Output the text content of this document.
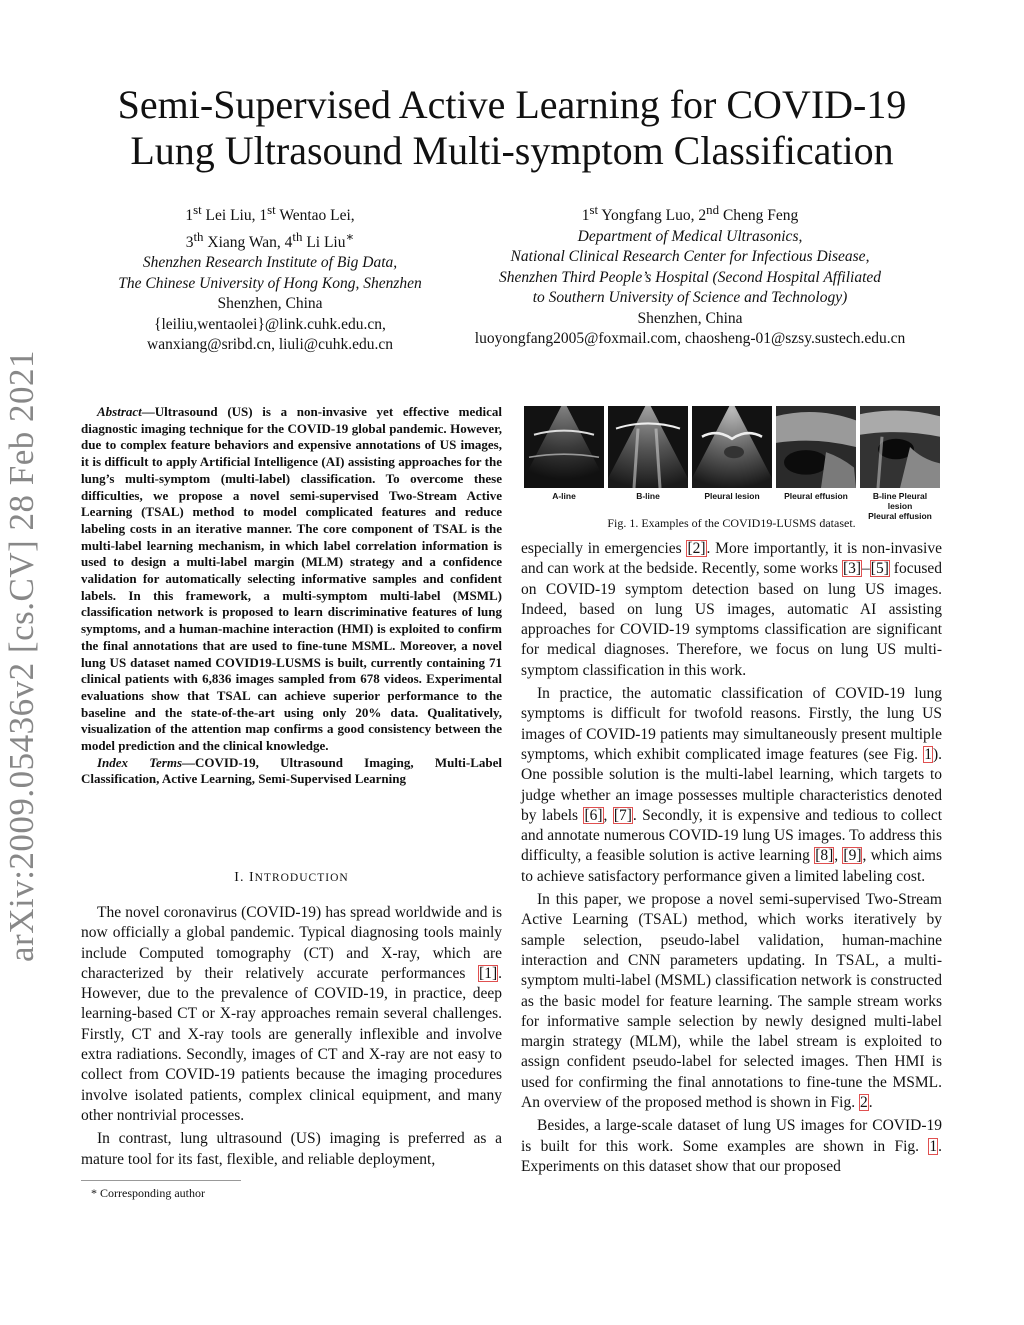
arXiv:2009.05436v2 [cs.CV] 28 Feb 2021
Semi-Supervised Active Learning for COVID-19
Lung Ultrasound Multi-symptom Classification
1st Lei Liu, 1st Wentao Lei,
3th Xiang Wan, 4th Li Liu∗
Shenzhen Research Institute of Big Data,
The Chinese University of Hong Kong, Shenzhen
Shenzhen, China
{leiliu,wentaolei}@link.cuhk.edu.cn,
wanxiang@sribd.cn, liuli@cuhk.edu.cn
1st Yongfang Luo, 2nd Cheng Feng
Department of Medical Ultrasonics,
National Clinical Research Center for Infectious Disease,
Shenzhen Third People’s Hospital (Second Hospital Affiliated
to Southern University of Science and Technology)
Shenzhen, China
luoyongfang2005@foxmail.com, chaosheng-01@szsy.sustech.edu.cn

Abstract—Ultrasound (US) is a non-invasive yet effective medical diagnostic imaging technique for the COVID-19 global pandemic. However, due to complex feature behaviors and expensive annotations of US images, it is difficult to apply Artificial Intelligence (AI) assisting approaches for the lung’s multi-symptom (multi-label) classification. To overcome these difficulties, we propose a novel semi-supervised Two-Stream Active Learning (TSAL) method to model complicated features and reduce labeling costs in an iterative manner. The core component of TSAL is the multi-label learning mechanism, in which label correlation information is used to design a multi-label margin (MLM) strategy and a confidence validation for automatically selecting informative samples and confident labels. In this framework, a multi-symptom multi-label (MSML) classification network is proposed to learn discriminative features of lung symptoms, and a human-machine interaction (HMI) is exploited to confirm the final annotations that are used to fine-tune MSML. Moreover, a novel lung US dataset named COVID19-LUSMS is built, currently containing 71 clinical patients with 6,836 images sampled from 678 videos. Experimental evaluations show that TSAL can achieve superior performance to the baseline and the state-of-the-art using only 20% data. Qualitatively, visualization of the attention map confirms a good consistency between the model prediction and the clinical knowledge.

Index Terms—COVID-19, Ultrasound Imaging, Multi-Label Classification, Active Learning, Semi-Supervised Learning

I. INTRODUCTION

The novel coronavirus (COVID-19) has spread worldwide and is now officially a global pandemic. Typical diagnosing tools mainly include Computed tomography (CT) and X-ray, which are characterized by their relatively accurate performances [1]. However, due to the prevalence of COVID-19, in practice, deep learning-based CT or X-ray approaches remain several challenges. Firstly, CT and X-ray tools are generally inflexible and involve extra radiations. Secondly, images of CT and X-ray are not easy to collect from COVID-19 patients because the imaging procedures involve isolated patients, complex clinical equipment, and many other nontrivial processes.

In contrast, lung ultrasound (US) imaging is preferred as a mature tool for its fast, flexible, and reliable deployment,

* Corresponding author
A-line	B-line	Pleural lesion	Pleural effusion	B-line Pleural lesion
Pleural effusion
Fig. 1. Examples of the COVID19-LUSMS dataset.

especially in emergencies [2]. More importantly, it is non-invasive and can work at the bedside. Recently, some works [3]–[5] focused on COVID-19 symptom detection based on lung US images. Indeed, based on lung US images, automatic AI assisting approaches for COVID-19 symptoms classification are significant for medical diagnoses. Therefore, we focus on lung US multi-symptom classification in this work.

In practice, the automatic classification of COVID-19 lung symptoms is difficult for twofold reasons. Firstly, the lung US images of COVID-19 patients may simultaneously present multiple symptoms, which exhibit complicated image features (see Fig. 1). One possible solution is the multi-label learning, which targets to judge whether an image possesses multiple characteristics denoted by labels [6], [7]. Secondly, it is expensive and tedious to collect and annotate numerous COVID-19 lung US images. To address this difficulty, a feasible solution is active learning [8], [9], which aims to achieve satisfactory performance given a limited labeling cost.

In this paper, we propose a novel semi-supervised Two-Stream Active Learning (TSAL) method, which works iteratively by sample selection, pseudo-label validation, human-machine interaction and CNN parameters updating. In TSAL, a multi-symptom multi-label (MSML) classification network is constructed as the basic model for feature learning. The sample stream works for informative sample selection by newly designed multi-label margin strategy (MLM), while the label stream is exploited to assign confident pseudo-label for selected images. Then HMI is used for confirming the final annotations to fine-tune the MSML. An overview of the proposed method is shown in Fig. 2.

Besides, a large-scale dataset of lung US images for COVID-19 is built for this work. Some examples are shown in Fig. 1. Experiments on this dataset show that our proposed
